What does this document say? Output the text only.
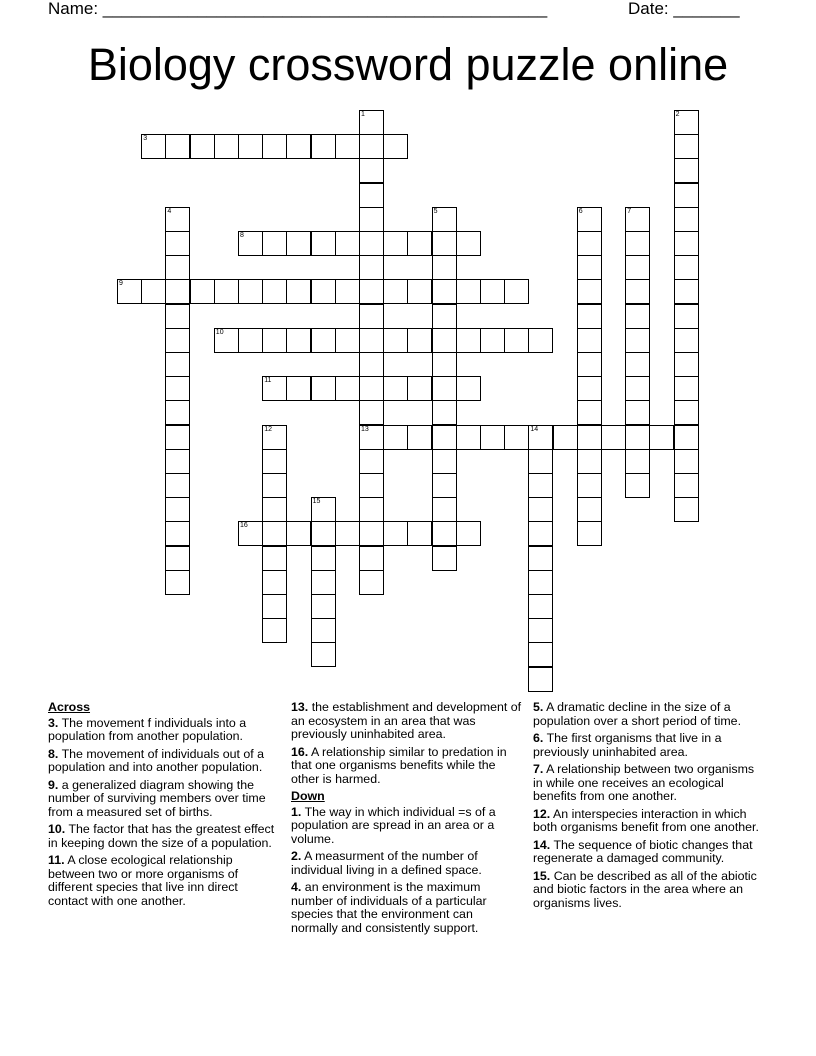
Name: _______________________________________________	Date: _______
Biology crossword puzzle online
1
13
2
3
4	5	6	7
8
9
10
11
12	14
15
16
Across
3. The movement f individuals into a population from another population.
8. The movement of individuals out of a population and into another population.
9. a generalized diagram showing the number of surviving members over time from a measured set of births.
10. The factor that has the greatest effect in keeping down the size of a population.
11. A close ecological relationship between two or more organisms of different species that live inn direct contact with one another.
13. the establishment and development of an ecosystem in an area that was previously uninhabited area.
16. A relationship similar to predation in that one organisms benefits while the other is harmed.
Down
1. The way in which individual =s of a population are spread in an area or a volume.
2. A measurment of the number of individual living in a defined space.
4. an environment is the maximum number of individuals of a particular species that the environment can normally and consistently support.
5. A dramatic decline in the size of a population over a short period of time.
6. The first organisms that live in a previously uninhabited area.
7. A relationship between two organisms in while one receives an ecological benefits from one another.
12. An interspecies interaction in which both organisms benefit from one another.
14. The sequence of biotic changes that regenerate a damaged community.
15. Can be described as all of the abiotic and biotic factors in the area where an organisms lives.
